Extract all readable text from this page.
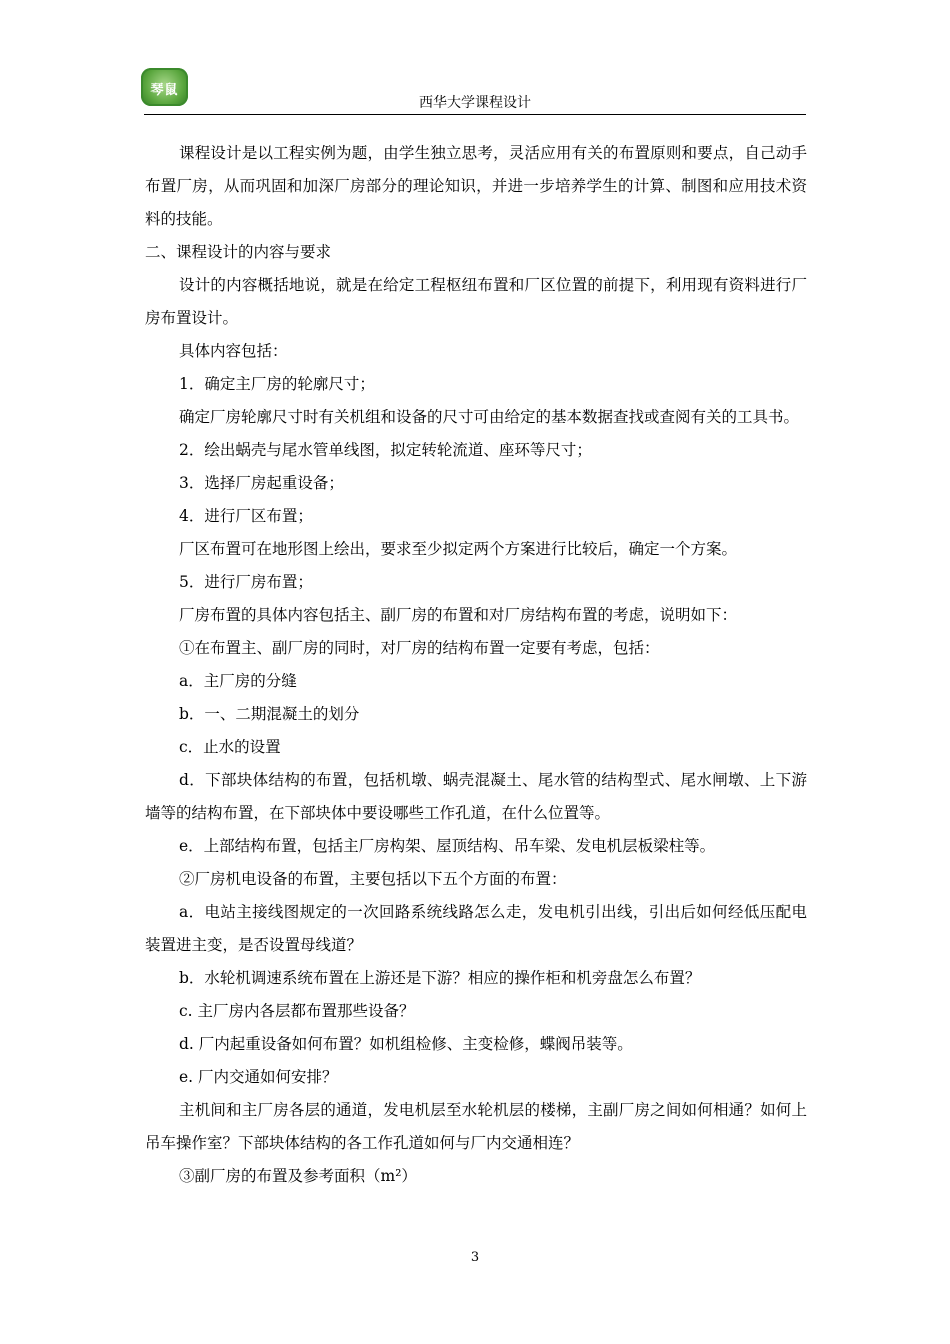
琴鼠
西华大学课程设计

课程设计是以工程实例为题，由学生独立思考，灵活应用有关的布置原则和要点，自己动手布置厂房，从而巩固和加深厂房部分的理论知识，并进一步培养学生的计算、制图和应用技术资料的技能。

二、课程设计的内容与要求

设计的内容概括地说，就是在给定工程枢纽布置和厂区位置的前提下，利用现有资料进行厂房布置设计。

具体内容包括：

1．确定主厂房的轮廓尺寸；

确定厂房轮廓尺寸时有关机组和设备的尺寸可由给定的基本数据查找或查阅有关的工具书。

2．绘出蜗壳与尾水管单线图，拟定转轮流道、座环等尺寸；

3．选择厂房起重设备；

4．进行厂区布置；

厂区布置可在地形图上绘出，要求至少拟定两个方案进行比较后，确定一个方案。

5．进行厂房布置；

厂房布置的具体内容包括主、副厂房的布置和对厂房结构布置的考虑，说明如下：

①在布置主、副厂房的同时，对厂房的结构布置一定要有考虑，包括：

a．主厂房的分缝

b．一、二期混凝土的划分

c．止水的设置

d．下部块体结构的布置，包括机墩、蜗壳混凝土、尾水管的结构型式、尾水闸墩、上下游墙等的结构布置，在下部块体中要设哪些工作孔道，在什么位置等。

e．上部结构布置，包括主厂房构架、屋顶结构、吊车梁、发电机层板梁柱等。

②厂房机电设备的布置，主要包括以下五个方面的布置：

a．电站主接线图规定的一次回路系统线路怎么走，发电机引出线，引出后如何经低压配电装置进主变，是否设置母线道？

b．水轮机调速系统布置在上游还是下游？相应的操作柜和机旁盘怎么布置？

c. 主厂房内各层都布置那些设备？

d. 厂内起重设备如何布置？如机组检修、主变检修，蝶阀吊装等。

e. 厂内交通如何安排？

主机间和主厂房各层的通道，发电机层至水轮机层的楼梯，主副厂房之间如何相通？如何上吊车操作室？下部块体结构的各工作孔道如何与厂内交通相连？

③副厂房的布置及参考面积（m²）

3
